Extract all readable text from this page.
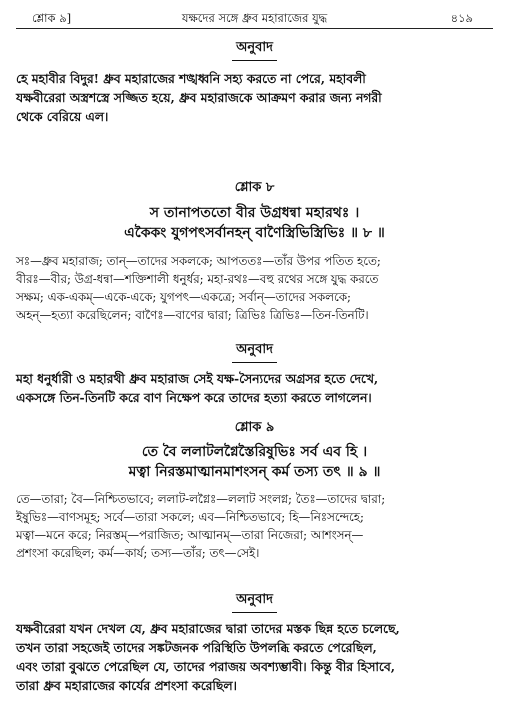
শ্লোক ৯]	যক্ষদের সঙ্গে ধ্রুব মহারাজের যুদ্ধ	৪১৯

অনুবাদ

হে মহাবীর বিদুর! ধ্রুব মহারাজের শঙ্খধ্বনি সহ্য করতে না পেরে, মহাবলী

যক্ষবীরেরা অস্ত্রশস্ত্রে সজ্জিত হয়ে, ধ্রুব মহারাজকে আক্রমণ করার জন্য নগরী

থেকে বেরিয়ে এল।

শ্লোক ৮

স তানাপততো বীর উগ্রধন্বা মহারথঃ ।

একৈকং যুগপৎসর্বানহন্ বাণৈস্ত্রিভিস্ত্রিভিঃ ॥ ৮ ॥

সঃ—ধ্রুব মহারাজ; তান্—তাদের সকলকে; আপততঃ—তাঁর উপর পতিত হতে;

বীরঃ—বীর; উগ্র-ধন্বা—শক্তিশালী ধনুর্ধর; মহা-রথঃ—বহু রথের সঙ্গে যুদ্ধ করতে

সক্ষম; এক-একম্—একে-একে; যুগপৎ—একত্রে; সর্বান্—তাদের সকলকে;

অহন্—হত্যা করেছিলেন; বাণৈঃ—বাণের দ্বারা; ত্রিভিঃ ত্রিভিঃ—তিন-তিনটি।

অনুবাদ

মহা ধনুর্ধারী ও মহারথী ধ্রুব মহারাজ সেই যক্ষ-সৈন্যদের অগ্রসর হতে দেখে,

একসঙ্গে তিন-তিনটি করে বাণ নিক্ষেপ করে তাদের হত্যা করতে লাগলেন।

শ্লোক ৯

তে বৈ ললাটলগ্নৈস্তৈরিষুভিঃ সর্ব এব হি ।

মত্বা নিরস্তমাত্মানমাশংসন্ কর্ম তস্য তৎ ॥ ৯ ॥

তে—তারা; বৈ—নিশ্চিতভাবে; ললাট-লগ্নৈঃ—ললাট সংলগ্ন; তৈঃ—তাদের দ্বারা;

ইষুভিঃ—বাণসমূহ; সর্বে—তারা সকলে; এব—নিশ্চিতভাবে; হি—নিঃসন্দেহে;

মত্বা—মনে করে; নিরস্তম্—পরাজিত; আত্মানম্—তারা নিজেরা; আশংসন্—

প্রশংসা করেছিল; কর্ম—কার্য; তস্য—তাঁর; তৎ—সেই।

অনুবাদ

যক্ষবীরেরা যখন দেখল যে, ধ্রুব মহারাজের দ্বারা তাদের মস্তক ছিন্ন হতে চলেছে,

তখন তারা সহজেই তাদের সঙ্কটজনক পরিস্থিতি উপলব্ধি করতে পেরেছিল,

এবং তারা বুঝতে পেরেছিল যে, তাদের পরাজয় অবশ্যম্ভাবী। কিন্তু বীর হিসাবে,

তারা ধ্রুব মহারাজের কার্যের প্রশংসা করেছিল।
